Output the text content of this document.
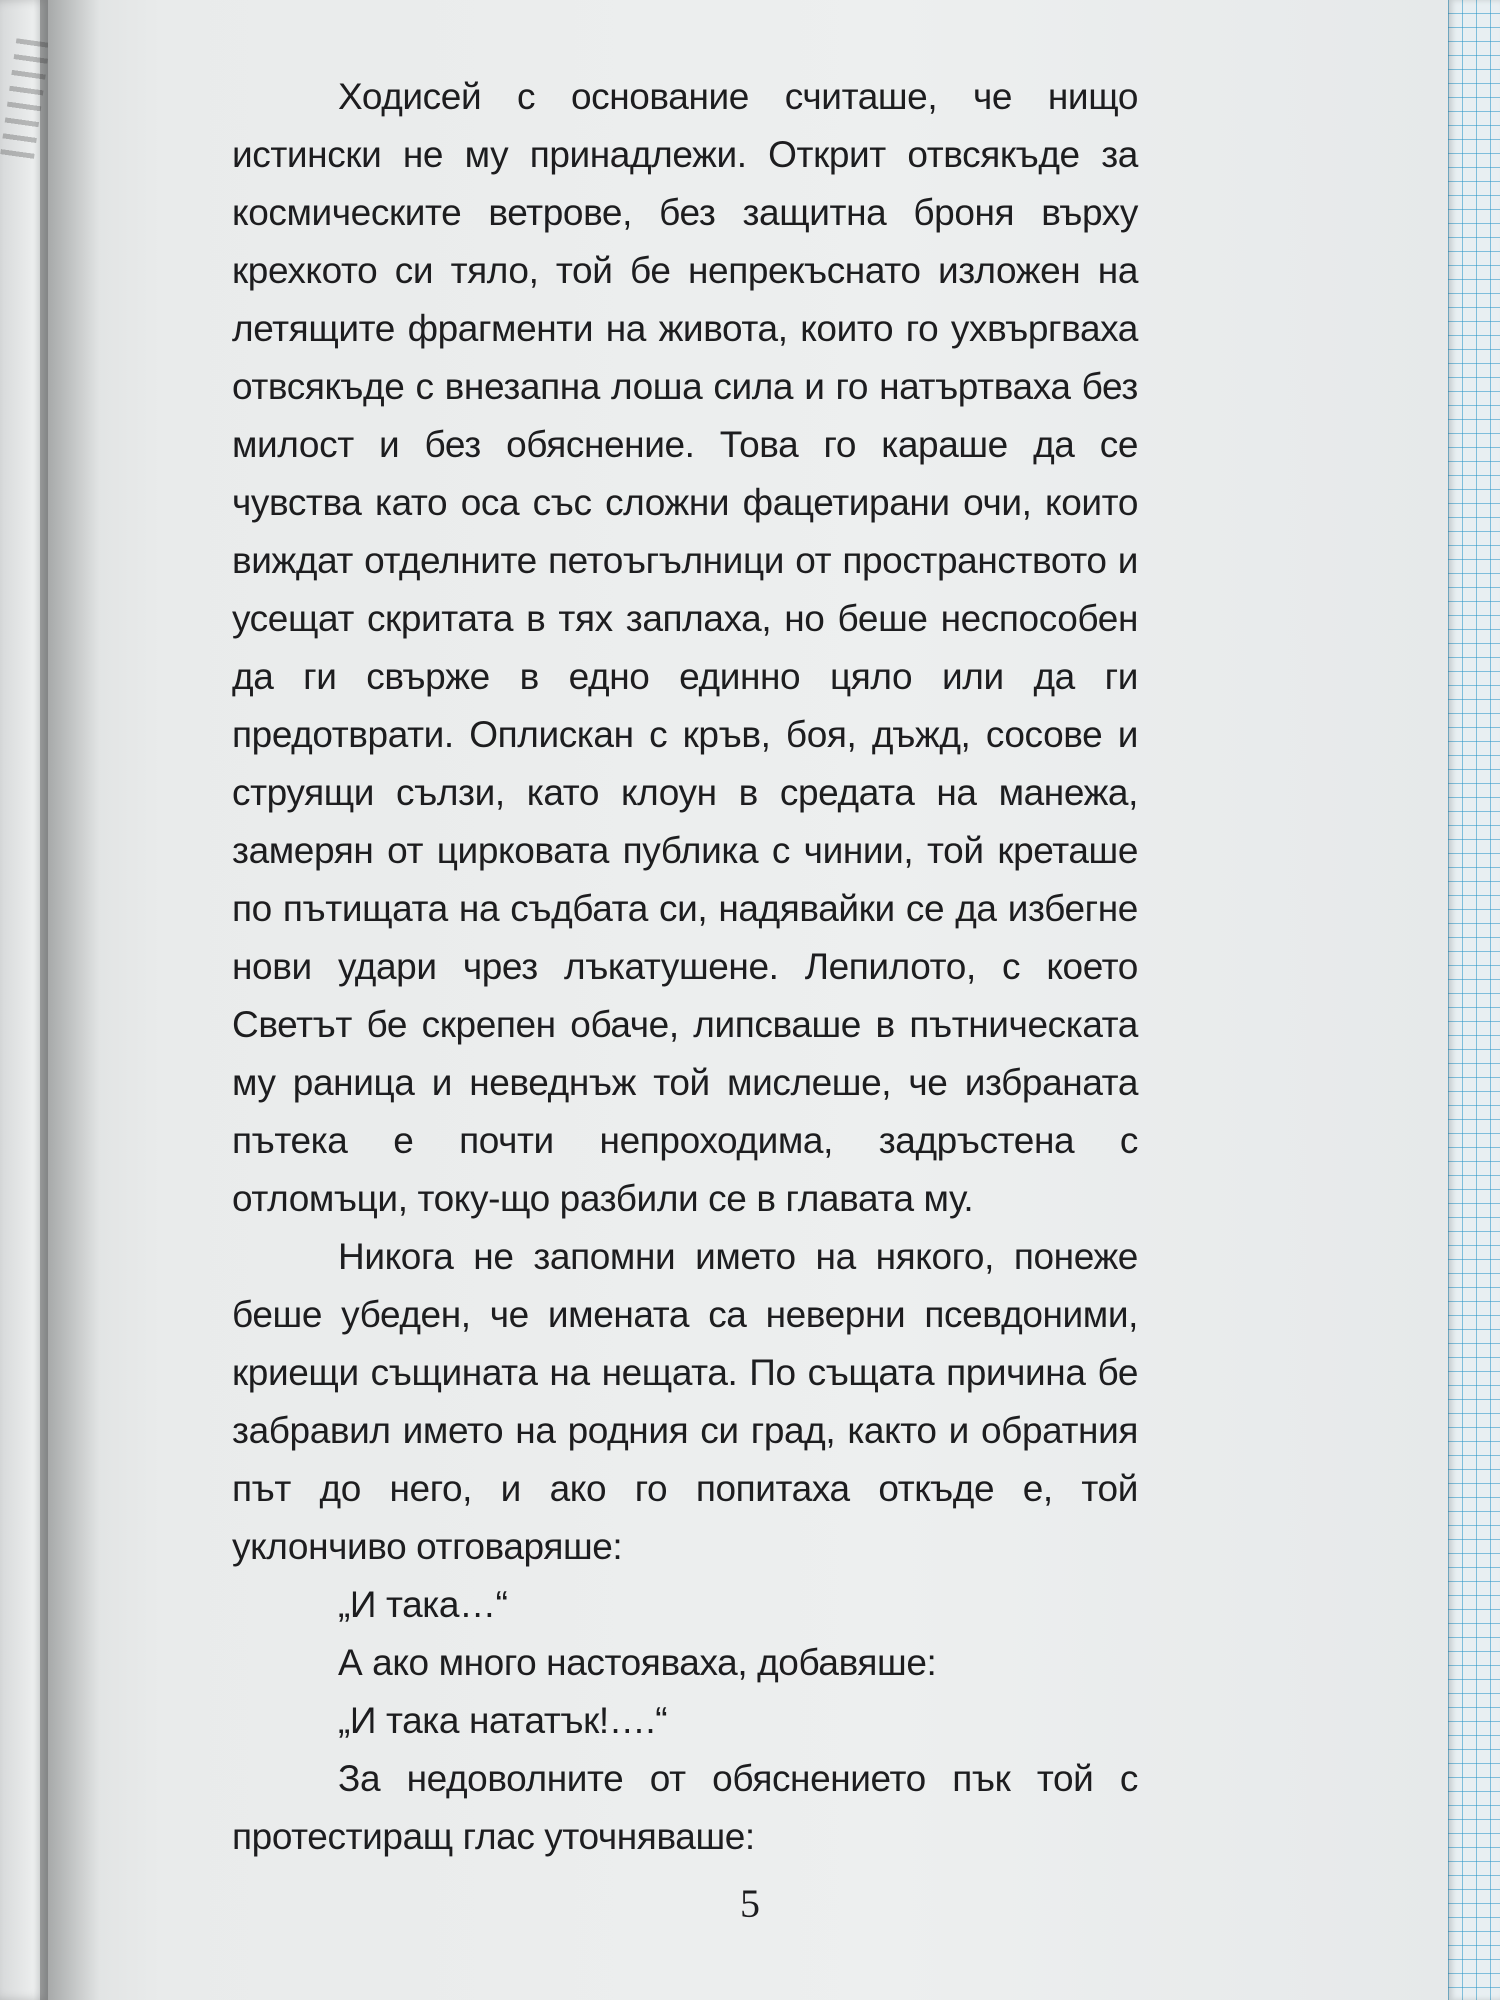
Ходисей с основание считаше, че нищо истински не му принадлежи. Открит отвсякъде за космическите ветрове, без защитна броня върху крехкото си тяло, той бе непрекъснато изложен на летящите фрагменти на живота, които го ухвъргваха отвсякъде с внезапна лоша сила и го натъртваха без милост и без обяснение. Това го караше да се чувства като оса със сложни фацетирани очи, които виждат отделните петоъгълници от пространството и усещат скритата в тях заплаха, но беше неспособен да ги свърже в едно единно цяло или да ги предотврати. Оплискан с кръв, боя, дъжд, сосове и струящи сълзи, като клоун в средата на манежа, замерян от цирковата публика с чинии, той креташе по пътищата на съдбата си, надявайки се да избегне нови удари чрез лъкатушене. Лепилото, с което Светът бе скрепен обаче, липсваше в пътническата му раница и неведнъж той мислеше, че избраната пътека е почти непроходима, задръстена с отломъци, току-що разбили се в главата му.

Никога не запомни името на някого, понеже беше убеден, че имената са неверни псевдоними, криещи същината на нещата. По същата причина бе забравил името на родния си град, както и обратния път до него, и ако го попитаха откъде е, той уклончиво отговаряше:

„И така…“

А ако много настояваха, добавяше:

„И така нататък!….“

За недоволните от обяснението пък той с протестиращ глас уточняваше:

5
